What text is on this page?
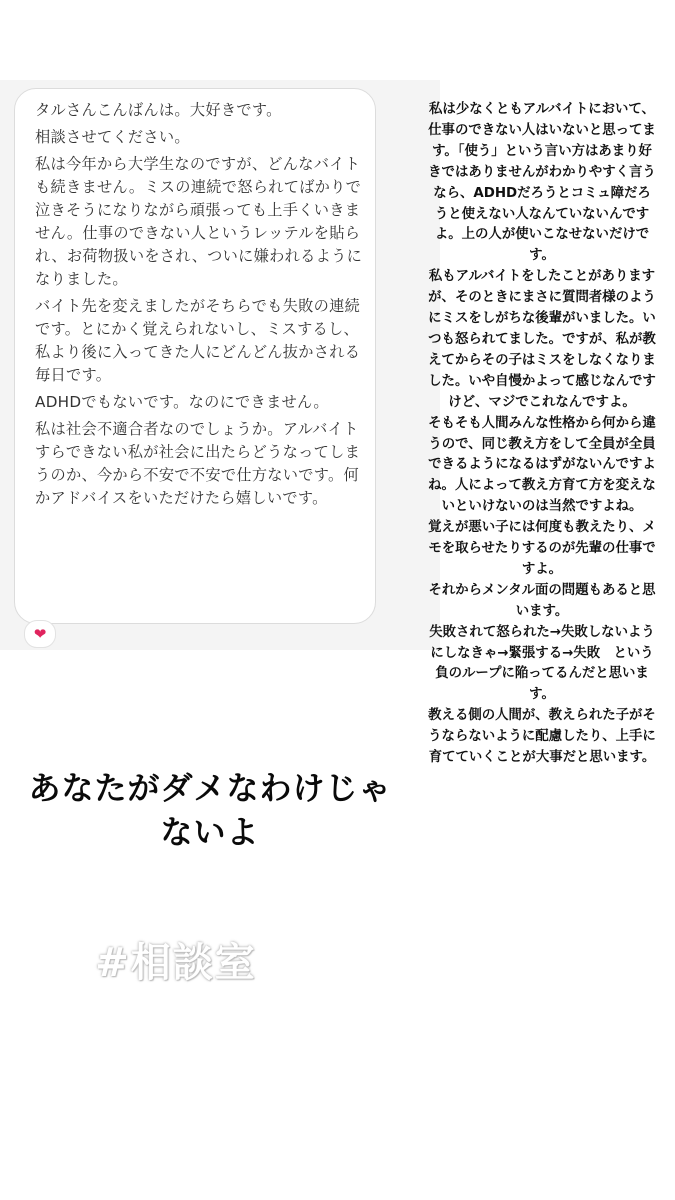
タルさんこんばんは。大好きです。

相談させてください。

私は今年から大学生なのですが、どんなバイトも続きません。ミスの連続で怒られてばかりで泣きそうになりながら頑張っても上手くいきません。仕事のできない人というレッテルを貼られ、お荷物扱いをされ、ついに嫌われるようになりました。

バイト先を変えましたがそちらでも失敗の連続です。とにかく覚えられないし、ミスするし、私より後に入ってきた人にどんどん抜かされる毎日です。

ADHDでもないです。なのにできません。

私は社会不適合者なのでしょうか。アルバイトすらできない私が社会に出たらどうなってしまうのか、今から不安で不安で仕方ないです。何かアドバイスをいただけたら嬉しいです。

❤
あなたがダメなわけじゃ
ないよ
#相談室

私は少なくともアルバイトにおいて、仕事のできない人はいないと思ってます。「使う」という言い方はあまり好きではありませんがわかりやすく言うなら、ADHDだろうとコミュ障だろうと使えない人なんていないんですよ。上の人が使いこなせないだけです。

私もアルバイトをしたことがありますが、そのときにまさに質問者様のようにミスをしがちな後輩がいました。いつも怒られてました。ですが、私が教えてからその子はミスをしなくなりました。いや自慢かよって感じなんですけど、マジでこれなんですよ。

そもそも人間みんな性格から何から違うので、同じ教え方をして全員が全員できるようになるはずがないんですよね。人によって教え方育て方を変えないといけないのは当然ですよね。

覚えが悪い子には何度も教えたり、メモを取らせたりするのが先輩の仕事ですよ。

それからメンタル面の問題もあると思います。

失敗されて怒られた→失敗しないようにしなきゃ→緊張する→失敗　という負のループに陥ってるんだと思います。

教える側の人間が、教えられた子がそうならないように配慮したり、上手に育てていくことが大事だと思います。
